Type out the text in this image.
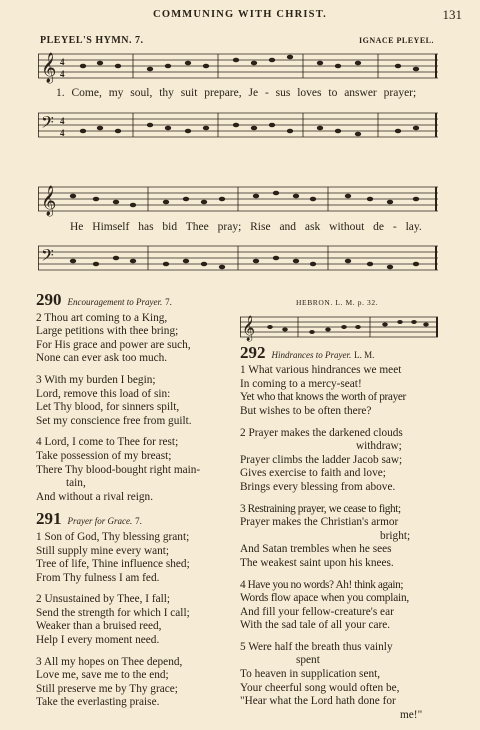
COMMUNING WITH CHRIST.	131
PLEYEL'S HYMN. 7.	IGNACE PLEYEL.
𝄞 4
4
1. Come, my soul, thy suit prepare, Je - sus loves to answer prayer;
𝄢 4
4
𝄞
He Himself has bid Thee pray; Rise and ask without de - lay.
𝄢

290 Encouragement to Prayer. 7.

2 Thou art coming to a King,

Large petitions with thee bring;

For His grace and power are such,

None can ever ask too much.

3 With my burden I begin;

Lord, remove this load of sin:

Let Thy blood, for sinners spilt,

Set my conscience free from guilt.

4 Lord, I come to Thee for rest;

Take possession of my breast;

There Thy blood-bought right main-

tain,

And without a rival reign.

291 Prayer for Grace. 7.

1 Son of God, Thy blessing grant;

Still supply mine every want;

Tree of life, Thine influence shed;

From Thy fulness I am fed.

2 Unsustained by Thee, I fall;

Send the strength for which I call;

Weaker than a bruised reed,

Help I every moment need.

3 All my hopes on Thee depend,

Love me, save me to the end;

Still preserve me by Thy grace;

Take the everlasting praise.

HEBRON. L. M. p. 32.

𝄞

292 Hindrances to Prayer. L. M.

1 What various hindrances we meet

In coming to a mercy-seat!

Yet who that knows the worth of prayer

But wishes to be often there?

2 Prayer makes the darkened clouds

withdraw;

Prayer climbs the ladder Jacob saw;

Gives exercise to faith and love;

Brings every blessing from above.

3 Restraining prayer, we cease to fight;

Prayer makes the Christian's armor

bright;

And Satan trembles when he sees

The weakest saint upon his knees.

4 Have you no words? Ah! think again;

Words flow apace when you complain,

And fill your fellow-creature's ear

With the sad tale of all your care.

5 Were half the breath thus vainly

spent

To heaven in supplication sent,

Your cheerful song would often be,

"Hear what the Lord hath done for

me!"
